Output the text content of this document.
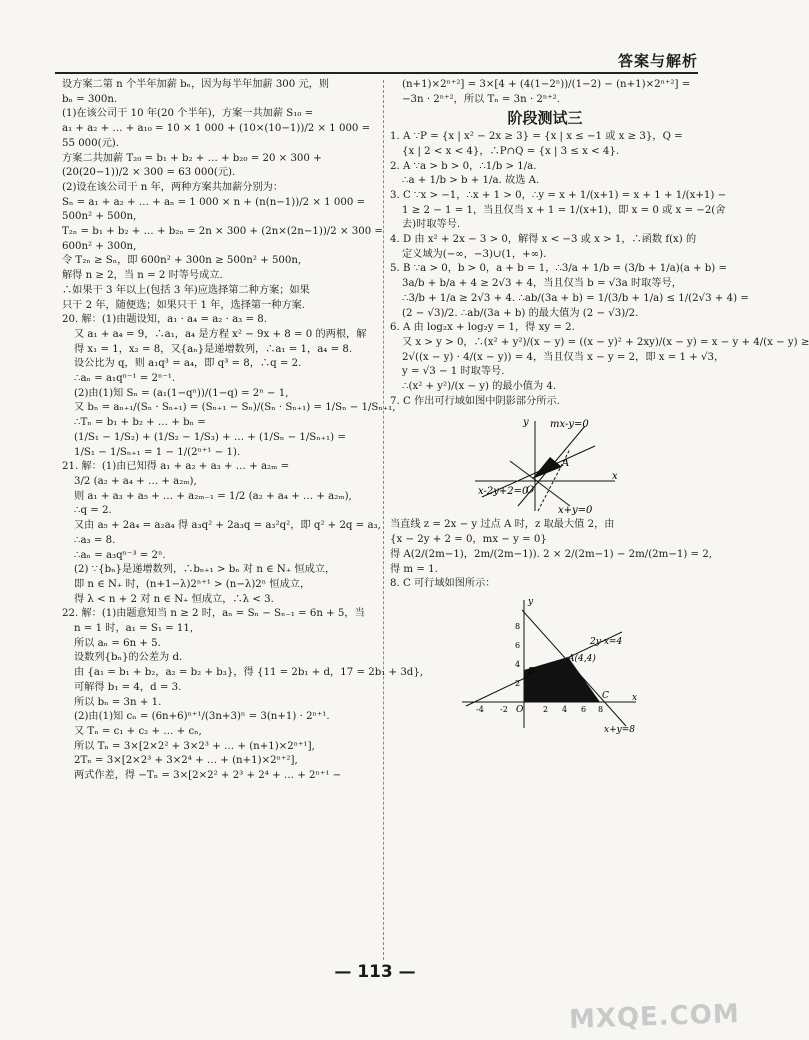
答案与解析
设方案二第 n 个半年加薪 bₙ，因为每半年加薪 300 元，则
bₙ = 300n.
(1)在该公司干 10 年(20 个半年)，方案一共加薪 S₁₀ =
a₁ + a₂ + … + a₁₀ = 10 × 1 000 + (10×(10−1))/2 × 1 000 =
55 000(元).
方案二共加薪 T₂₀ = b₁ + b₂ + … + b₂₀ = 20 × 300 +
(20(20−1))/2 × 300 = 63 000(元).
(2)设在该公司干 n 年，两种方案共加薪分别为：
Sₙ = a₁ + a₂ + … + aₙ = 1 000 × n + (n(n−1))/2 × 1 000 =
500n² + 500n,
T₂ₙ = b₁ + b₂ + … + b₂ₙ = 2n × 300 + (2n×(2n−1))/2 × 300 =
600n² + 300n,
令 T₂ₙ ≥ Sₙ，即 600n² + 300n ≥ 500n² + 500n,
解得 n ≥ 2，当 n = 2 时等号成立.
∴如果干 3 年以上(包括 3 年)应选择第二种方案；如果
只干 2 年，随便选；如果只干 1 年，选择第一种方案.
20. 解：(1)由题设知，a₁ · a₄ = a₂ · a₃ = 8.
又 a₁ + a₄ = 9，∴a₁，a₄ 是方程 x² − 9x + 8 = 0 的两根，解
得 x₁ = 1，x₂ = 8，又{aₙ}是递增数列，∴a₁ = 1，a₄ = 8.
设公比为 q，则 a₁q³ = a₄，即 q³ = 8，∴q = 2.
∴aₙ = a₁qⁿ⁻¹ = 2ⁿ⁻¹.
(2)由(1)知 Sₙ = (a₁(1−qⁿ))/(1−q) = 2ⁿ − 1,
又 bₙ = aₙ₊₁/(Sₙ · Sₙ₊₁) = (Sₙ₊₁ − Sₙ)/(Sₙ · Sₙ₊₁) = 1/Sₙ − 1/Sₙ₊₁,
∴Tₙ = b₁ + b₂ + … + bₙ =
(1/S₁ − 1/S₂) + (1/S₂ − 1/S₃) + … + (1/Sₙ − 1/Sₙ₊₁) =
1/S₁ − 1/Sₙ₊₁ = 1 − 1/(2ⁿ⁺¹ − 1).
21. 解：(1)由已知得 a₁ + a₂ + a₃ + … + a₂ₘ =
3/2 (a₂ + a₄ + … + a₂ₘ),
则 a₁ + a₃ + a₅ + … + a₂ₘ₋₁ = 1/2 (a₂ + a₄ + … + a₂ₘ),
∴q = 2.
又由 a₅ + 2a₄ = a₂a₄ 得 a₃q² + 2a₃q = a₃²q²，即 q² + 2q = a₃,
∴a₃ = 8.
∴aₙ = a₃qⁿ⁻³ = 2ⁿ.
(2) ∵{bₙ}是递增数列，∴bₙ₊₁ > bₙ 对 n ∈ N₊ 恒成立，
即 n ∈ N₊ 时，(n+1−λ)2ⁿ⁺¹ > (n−λ)2ⁿ 恒成立，
得 λ < n + 2 对 n ∈ N₊ 恒成立，∴λ < 3.
22. 解：(1)由题意知当 n ≥ 2 时，aₙ = Sₙ − Sₙ₋₁ = 6n + 5，当
n = 1 时，a₁ = S₁ = 11,
所以 aₙ = 6n + 5.
设数列{bₙ}的公差为 d.
由 {a₁ = b₁ + b₂，a₂ = b₂ + b₃}，得 {11 = 2b₁ + d，17 = 2b₁ + 3d},
可解得 b₁ = 4，d = 3.
所以 bₙ = 3n + 1.
(2)由(1)知 cₙ = (6n+6)ⁿ⁺¹/(3n+3)ⁿ = 3(n+1) · 2ⁿ⁺¹.
又 Tₙ = c₁ + c₂ + … + cₙ,
所以 Tₙ = 3×[2×2² + 3×2³ + … + (n+1)×2ⁿ⁺¹],
2Tₙ = 3×[2×2³ + 3×2⁴ + … + (n+1)×2ⁿ⁺²],
两式作差，得 −Tₙ = 3×[2×2² + 2³ + 2⁴ + … + 2ⁿ⁺¹ −
(n+1)×2ⁿ⁺²] = 3×[4 + (4(1−2ⁿ))/(1−2) − (n+1)×2ⁿ⁺²] =
−3n · 2ⁿ⁺²，所以 Tₙ = 3n · 2ⁿ⁺².
阶段测试三
1. A ∵P = {x | x² − 2x ≥ 3} = {x | x ≤ −1 或 x ≥ 3}，Q =
{x | 2 < x < 4}，∴P∩Q = {x | 3 ≤ x < 4}.
2. A ∵a > b > 0，∴1/b > 1/a.
∴a + 1/b > b + 1/a. 故选 A.
3. C ∵x > −1，∴x + 1 > 0，∴y = x + 1/(x+1) = x + 1 + 1/(x+1) −
1 ≥ 2 − 1 = 1，当且仅当 x + 1 = 1/(x+1)，即 x = 0 或 x = −2(舍
去)时取等号.
4. D 由 x² + 2x − 3 > 0，解得 x < −3 或 x > 1，∴函数 f(x) 的
定义域为(−∞，−3)∪(1，+∞).
5. B ∵a > 0，b > 0，a + b = 1，∴3/a + 1/b = (3/b + 1/a)(a + b) =
3a/b + b/a + 4 ≥ 2√3 + 4，当且仅当 b = √3a 时取等号，
∴3/b + 1/a ≥ 2√3 + 4. ∴ab/(3a + b) = 1/(3/b + 1/a) ≤ 1/(2√3 + 4) =
(2 − √3)/2. ∴ab/(3a + b) 的最大值为 (2 − √3)/2.
6. A 由 log₂x + log₂y = 1，得 xy = 2.
又 x > y > 0，∴(x² + y²)/(x − y) = ((x − y)² + 2xy)/(x − y) = x − y + 4/(x − y) ≥
2√((x − y) · 4/(x − y)) = 4，当且仅当 x − y = 2，即 x = 1 + √3，
y = √3 − 1 时取等号.
∴(x² + y²)/(x − y) 的最小值为 4.
7. C 作出可行域如图中阴影部分所示.
mx-y=0
x-2y+2=0
x+y=0
A
O
x
y
当直线 z = 2x − y 过点 A 时，z 取最大值 2，由
{x − 2y + 2 = 0，mx − y = 0}
得 A(2/(2m−1)，2m/(2m−1)). 2 × 2/(2m−1) − 2m/(2m−1) = 2,
得 m = 1.
8. C 可行域如图所示：
2y-x=4
x+y=8
A(4,4)
B
C
O
x
y
-4 -2	2 4 6 8
2
4
6
8
— 113 —
MXQE.COM
